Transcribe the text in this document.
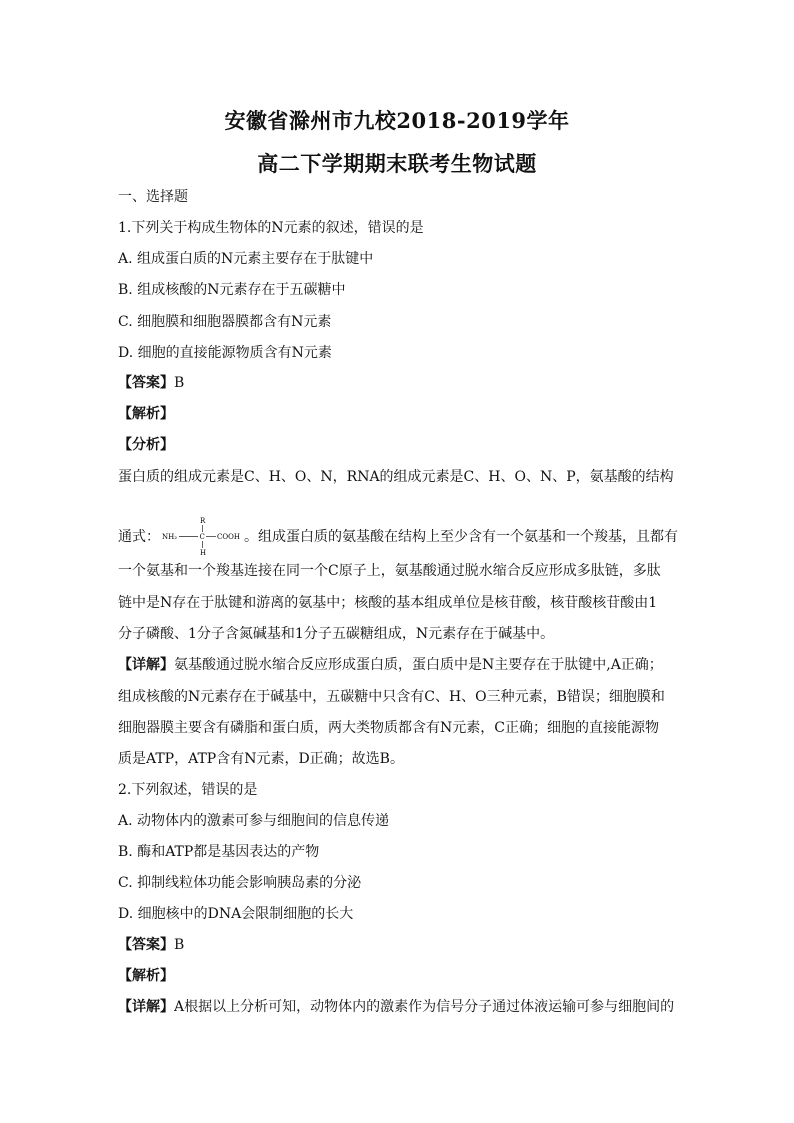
安徽省滁州市九校2018-2019学年
高二下学期期末联考生物试题
一、选择题
1.下列关于构成生物体的N元素的叙述，错误的是
A. 组成蛋白质的N元素主要存在于肽键中
B. 组成核酸的N元素存在于五碳糖中
C. 细胞膜和细胞器膜都含有N元素
D. 细胞的直接能源物质含有N元素
【答案】B
【解析】
【分析】
蛋白质的组成元素是C、H、O、N，RNA的组成元素是C、H、O、N、P，氨基酸的结构
通式：
R
NH₂	C COOH
H
。组成蛋白质的氨基酸在结构上至少含有一个氨基和一个羧基，且都有
一个氨基和一个羧基连接在同一个C原子上，氨基酸通过脱水缩合反应形成多肽链，多肽
链中是N存在于肽键和游离的氨基中；核酸的基本组成单位是核苷酸，核苷酸核苷酸由1
分子磷酸、1分子含氮碱基和1分子五碳糖组成，N元素存在于碱基中。
【详解】氨基酸通过脱水缩合反应形成蛋白质，蛋白质中是N主要存在于肽键中,A正确；
组成核酸的N元素存在于碱基中，五碳糖中只含有C、H、O三种元素，B错误；细胞膜和
细胞器膜主要含有磷脂和蛋白质，两大类物质都含有N元素，C正确；细胞的直接能源物
质是ATP，ATP含有N元素，D正确；故选B。
2.下列叙述，错误的是
A. 动物体内的激素可参与细胞间的信息传递
B. 酶和ATP都是基因表达的产物
C. 抑制线粒体功能会影响胰岛素的分泌
D. 细胞核中的DNA会限制细胞的长大
【答案】B
【解析】
【详解】A根据以上分析可知，动物体内的激素作为信号分子通过体液运输可参与细胞间的
